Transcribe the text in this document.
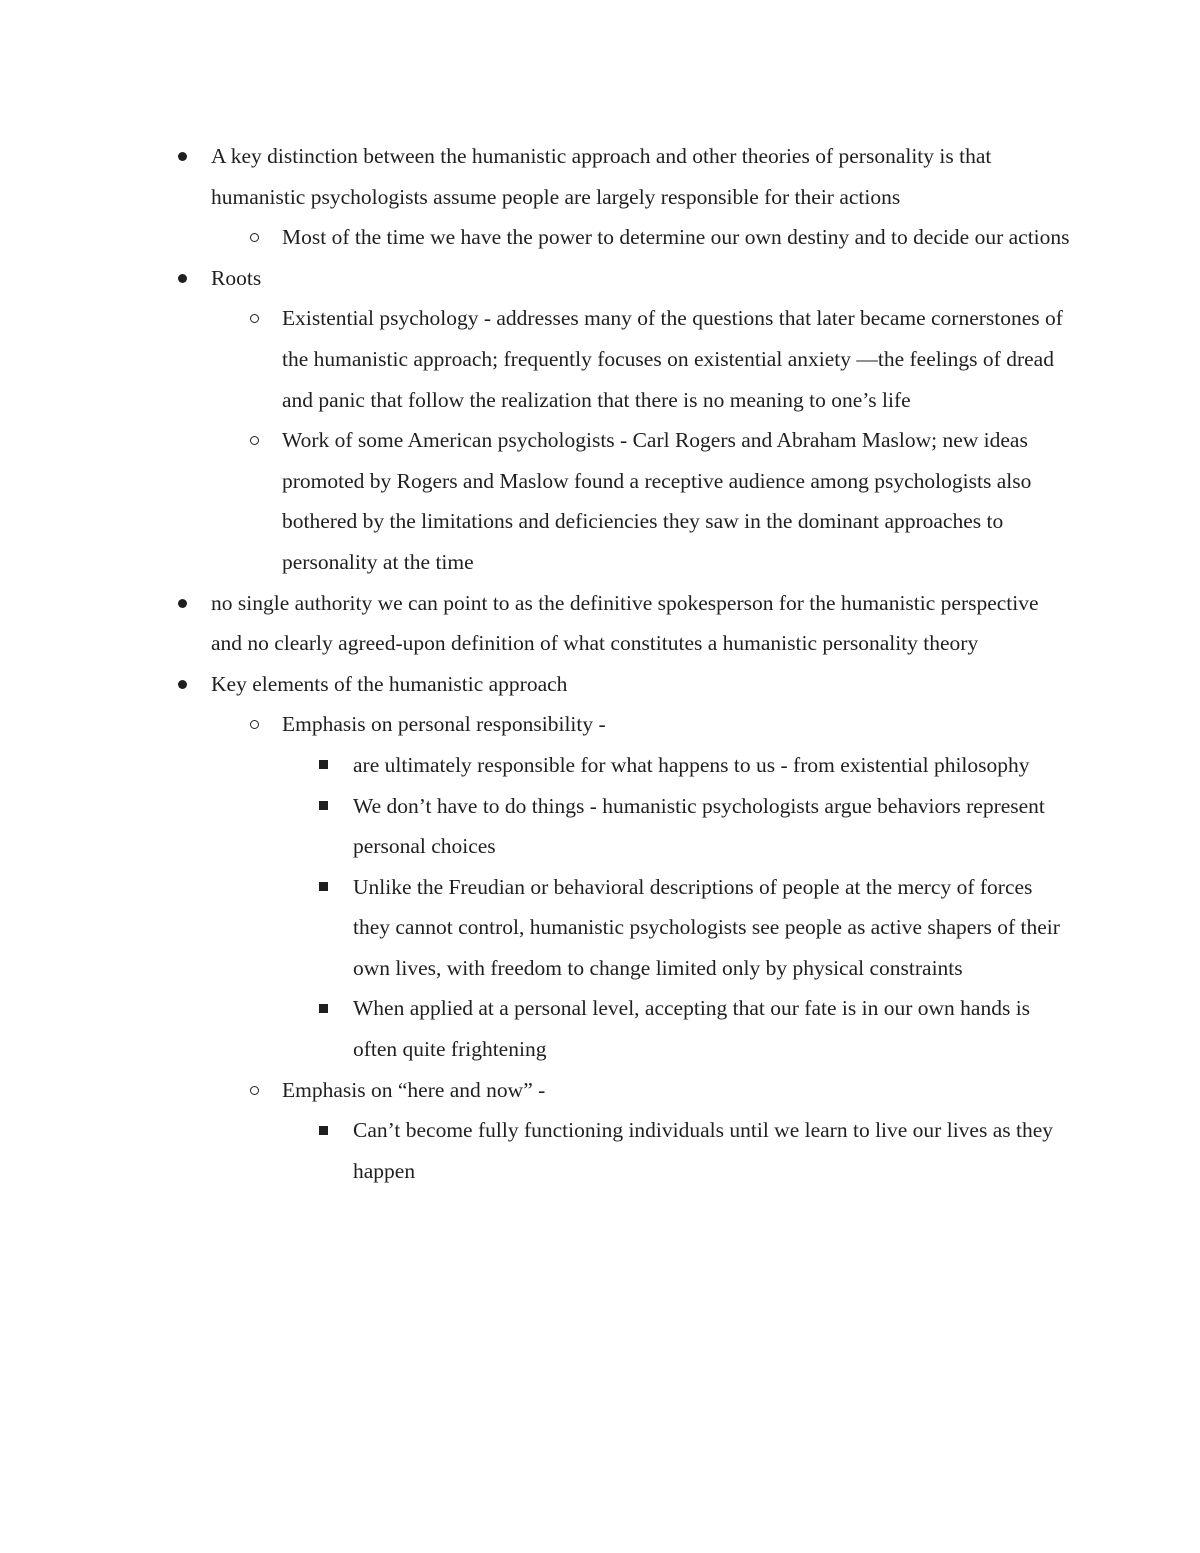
A key distinction between the humanistic approach and other theories of personality is that humanistic psychologists assume people are largely responsible for their actions
Most of the time we have the power to determine our own destiny and to decide our actions
Roots
Existential psychology - addresses many of the questions that later became cornerstones of the humanistic approach; frequently focuses on existential anxiety —the feelings of dread and panic that follow the realization that there is no meaning to one’s life
Work of some American psychologists - Carl Rogers and Abraham Maslow; new ideas promoted by Rogers and Maslow found a receptive audience among psychologists also bothered by the limitations and deficiencies they saw in the dominant approaches to personality at the time
no single authority we can point to as the definitive spokesperson for the humanistic perspective and no clearly agreed-upon definition of what constitutes a humanistic personality theory
Key elements of the humanistic approach
Emphasis on personal responsibility -
are ultimately responsible for what happens to us - from existential philosophy
We don’t have to do things - humanistic psychologists argue behaviors represent personal choices
Unlike the Freudian or behavioral descriptions of people at the mercy of forces they cannot control, humanistic psychologists see people as active shapers of their own lives, with freedom to change limited only by physical constraints
When applied at a personal level, accepting that our fate is in our own hands is often quite frightening
Emphasis on “here and now” -
Can’t become fully functioning individuals until we learn to live our lives as they happen
